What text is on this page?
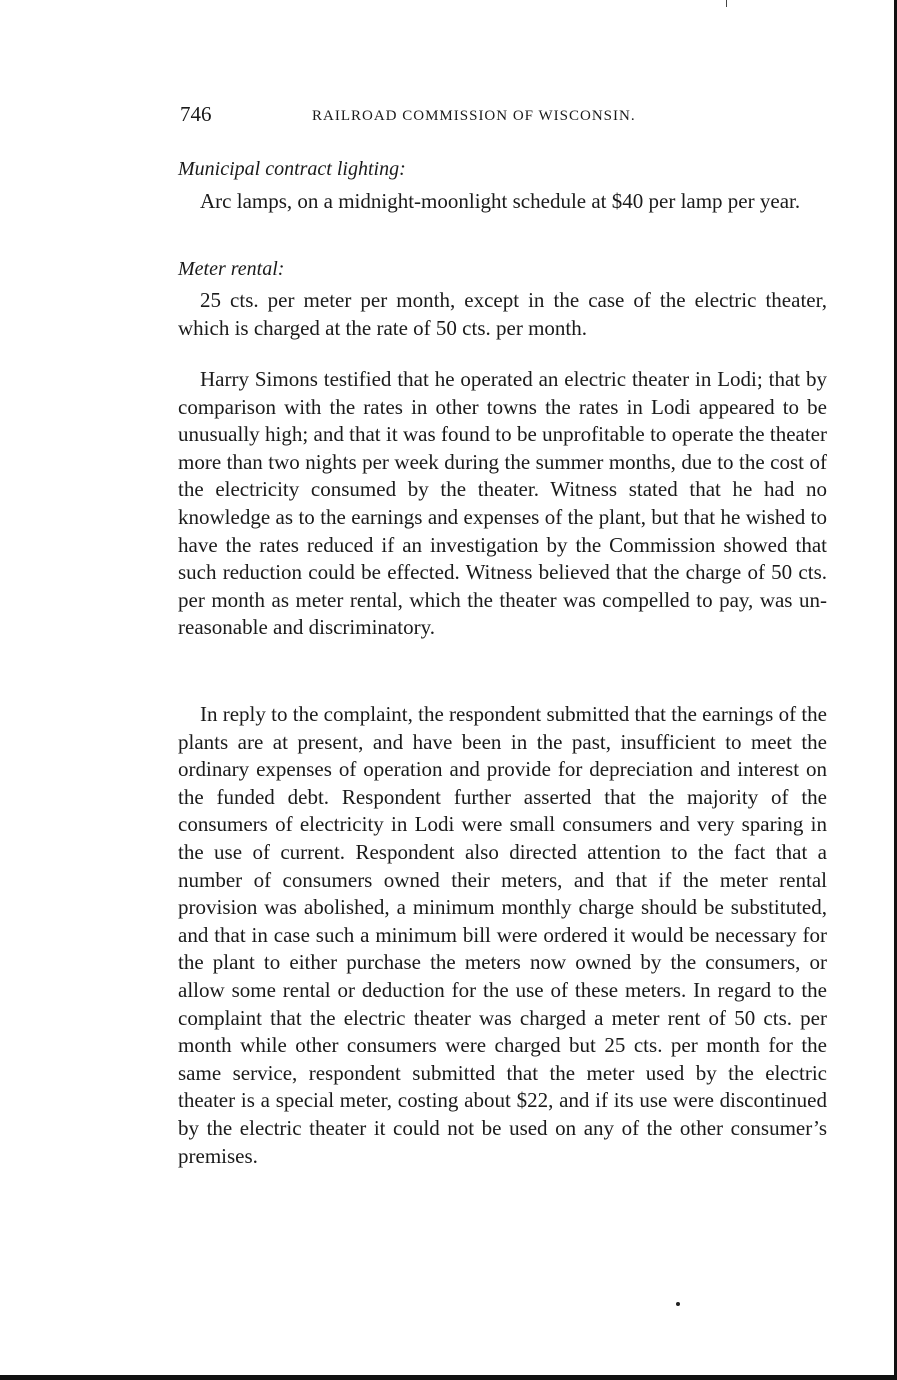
746	RAILROAD COMMISSION OF WISCONSIN.
Municipal contract lighting:

Arc lamps, on a midnight-moonlight schedule at $40 per lamp per year.

Meter rental:

25 cts. per meter per month, except in the case of the electric theater, which is charged at the rate of 50 cts. per month.

Harry Simons testified that he operated an electric theater in Lodi; that by comparison with the rates in other towns the rates in Lodi appeared to be unusually high; and that it was found to be unprofitable to operate the theater more than two nights per week during the summer months, due to the cost of the electricity consumed by the theater. Witness stated that he had no knowledge as to the earnings and expenses of the plant, but that he wished to have the rates reduced if an investigation by the Commission showed that such reduction could be effected. Witness believed that the charge of 50 cts. per month as meter rental, which the theater was compelled to pay, was unreasonable and discriminatory.

In reply to the complaint, the respondent submitted that the earnings of the plants are at present, and have been in the past, insufficient to meet the ordinary expenses of operation and provide for depreciation and interest on the funded debt. Respondent further asserted that the majority of the consumers of electricity in Lodi were small consumers and very sparing in the use of current. Respondent also directed attention to the fact that a number of consumers owned their meters, and that if the meter rental provision was abolished, a minimum monthly charge should be substituted, and that in case such a minimum bill were ordered it would be necessary for the plant to either purchase the meters now owned by the consumers, or allow some rental or deduction for the use of these meters. In regard to the complaint that the electric theater was charged a meter rent of 50 cts. per month while other consumers were charged but 25 cts. per month for the same service, respondent submitted that the meter used by the electric theater is a special meter, costing about $22, and if its use were discontinued by the electric theater it could not be used on any of the other consumer’s premises.
